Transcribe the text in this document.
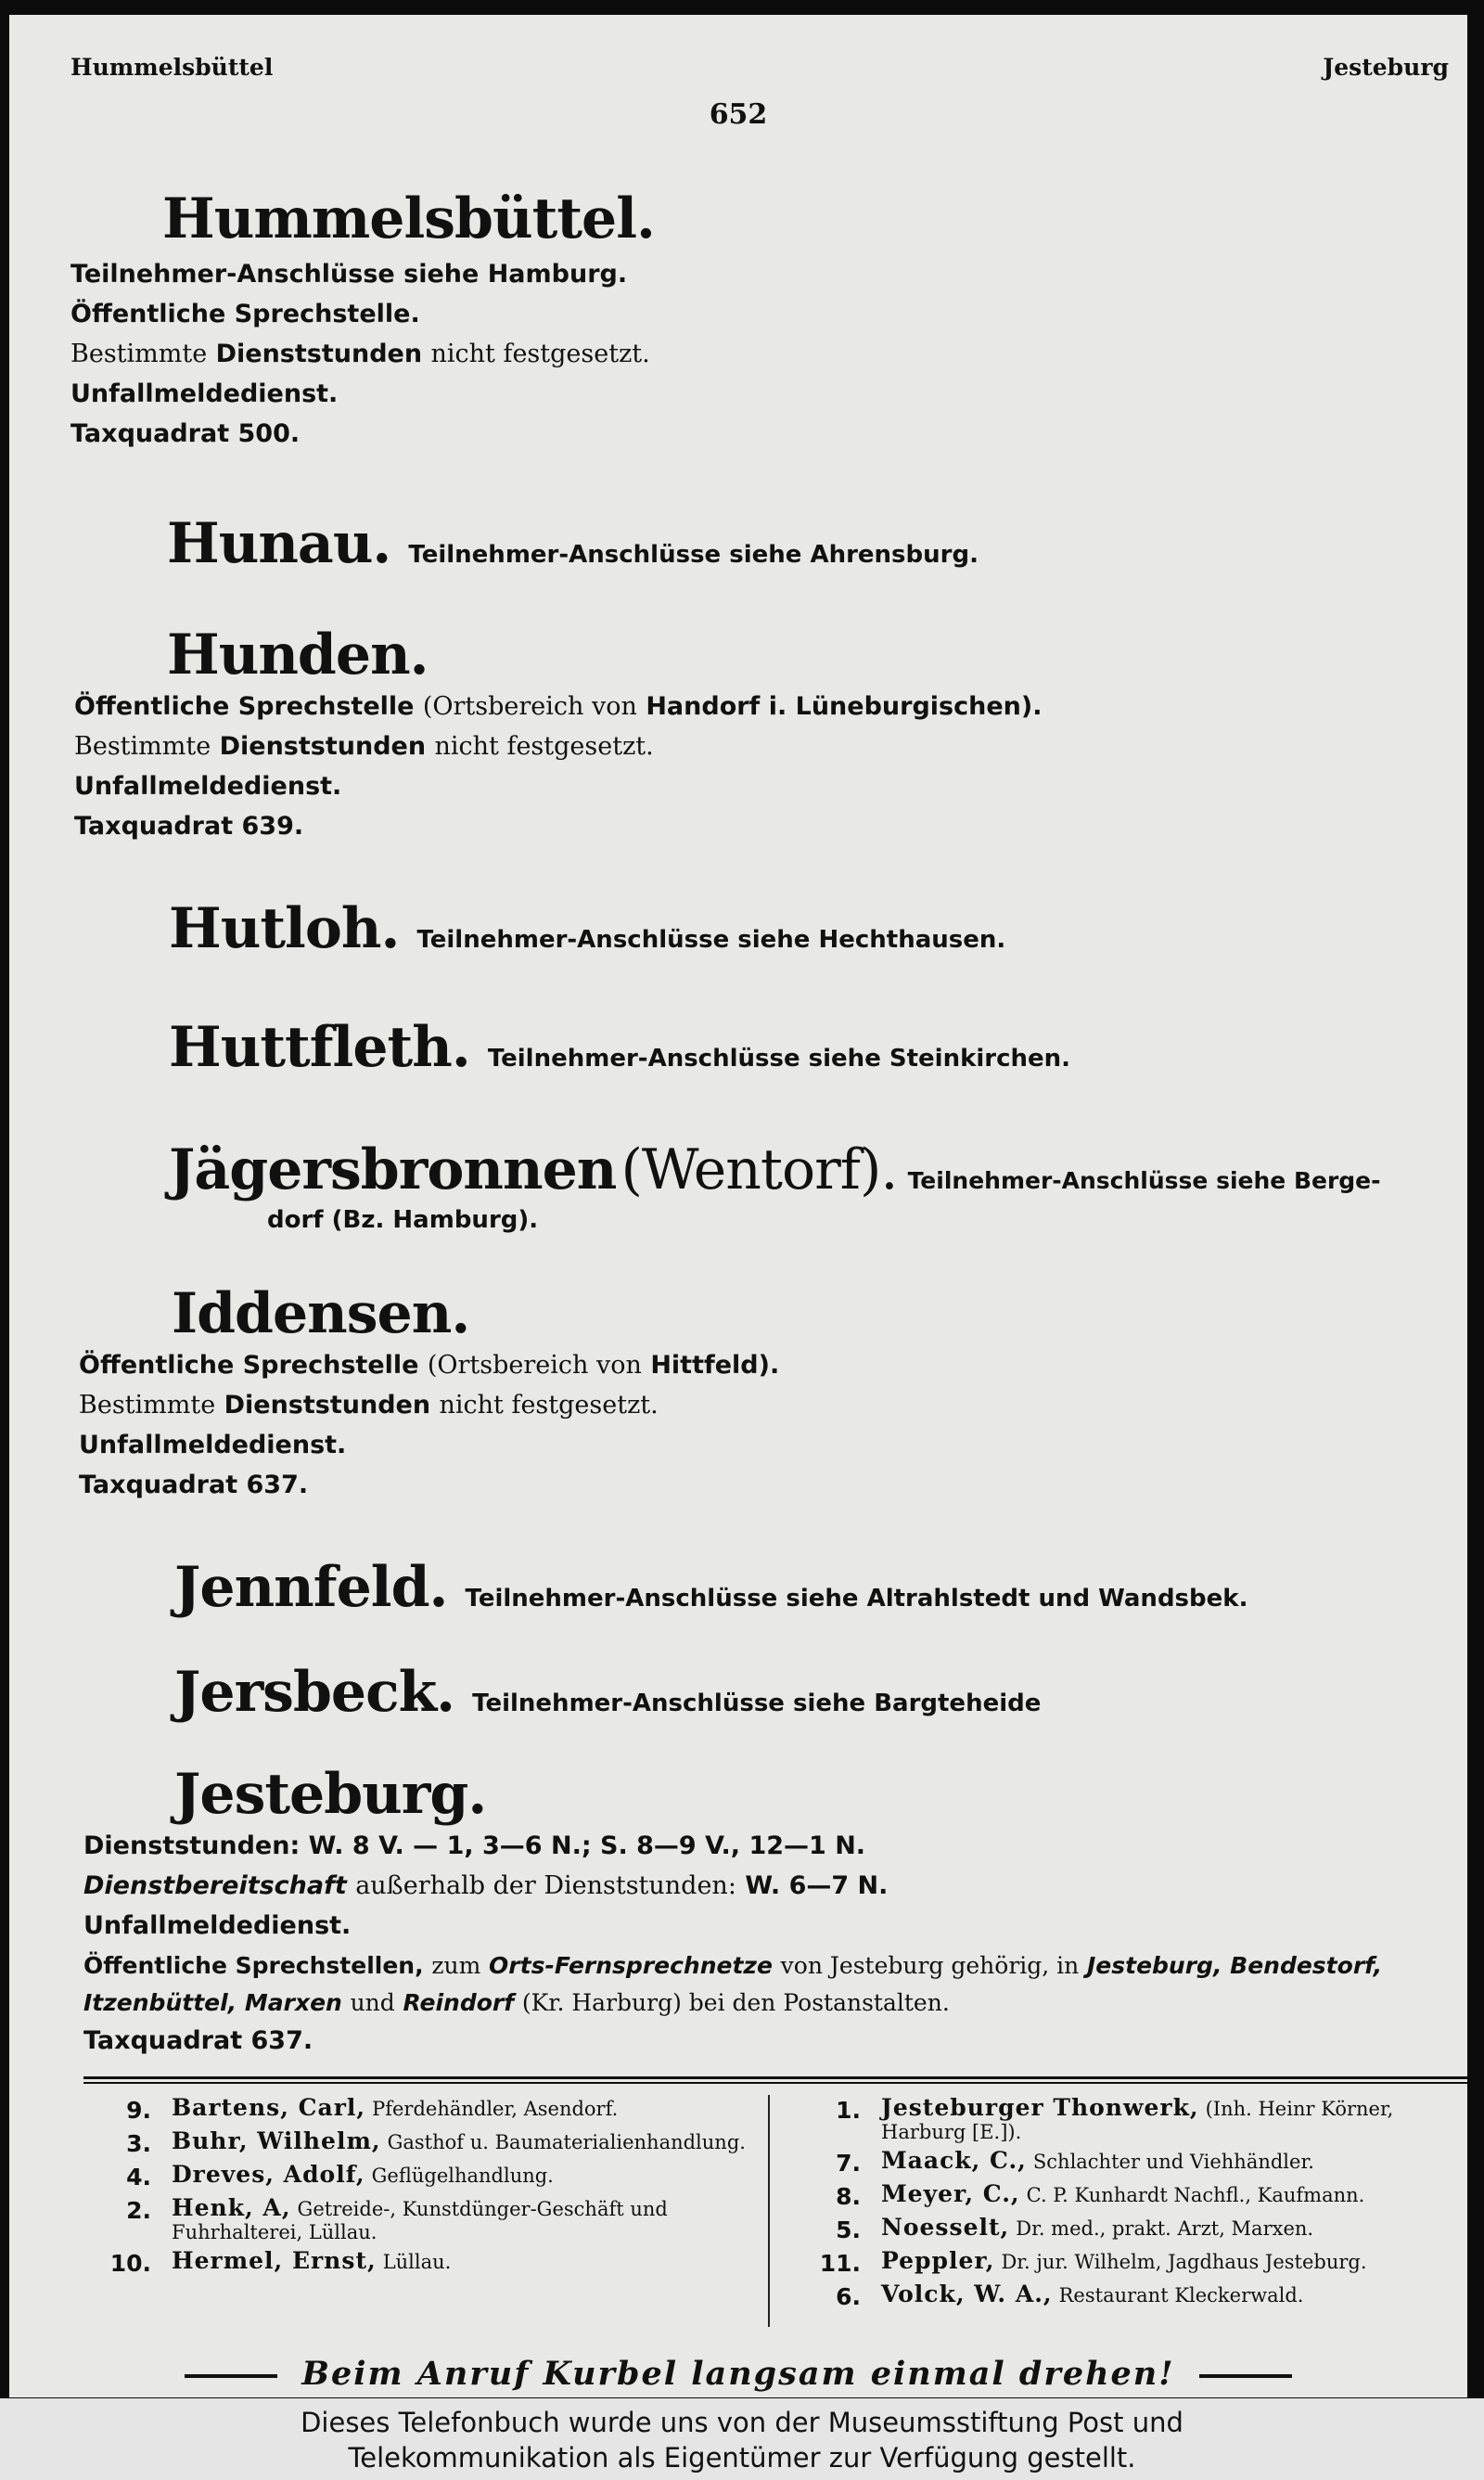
Hummelsbüttel	Jesteburg
652
Hummelsbüttel.
Teilnehmer-Anschlüsse siehe Hamburg.
Öffentliche Sprechstelle.
Bestimmte Dienststunden nicht festgesetzt.
Unfallmeldedienst.
Taxquadrat 500.
Hunau. Teilnehmer-Anschlüsse siehe Ahrensburg.
Hunden.
Öffentliche Sprechstelle (Ortsbereich von Handorf i. Lüneburgischen).
Bestimmte Dienststunden nicht festgesetzt.
Unfallmeldedienst.
Taxquadrat 639.
Hutloh. Teilnehmer-Anschlüsse siehe Hechthausen.
Huttfleth. Teilnehmer-Anschlüsse siehe Steinkirchen.
Jägersbronnen (Wentorf). Teilnehmer-Anschlüsse siehe Berge-
dorf (Bz. Hamburg).
Iddensen.
Öffentliche Sprechstelle (Ortsbereich von Hittfeld).
Bestimmte Dienststunden nicht festgesetzt.
Unfallmeldedienst.
Taxquadrat 637.
Jennfeld. Teilnehmer-Anschlüsse siehe Altrahlstedt und Wandsbek.
Jersbeck. Teilnehmer-Anschlüsse siehe Bargteheide
Jesteburg.
Dienststunden: W. 8 V. — 1, 3—6 N.; S. 8—9 V., 12—1 N.
Dienstbereitschaft außerhalb der Dienststunden: W. 6—7 N.
Unfallmeldedienst.
Öffentliche Sprechstellen, zum Orts-Fernsprechnetze von Jesteburg gehörig, in Jesteburg, Bendestorf,
Itzenbüttel, Marxen und Reindorf (Kr. Harburg) bei den Postanstalten.
Taxquadrat 637.
9. Bartens, Carl, Pferdehändler, Asendorf.
3. Buhr, Wilhelm, Gasthof u. Baumaterialienhandlung.
4. Dreves, Adolf, Geflügelhandlung.
2. Henk, A, Getreide-, Kunstdünger-Geschäft und Fuhrhalterei, Lüllau.
10. Hermel, Ernst, Lüllau.
1. Jesteburger Thonwerk, (Inh. Heinr Körner, Harburg [E.]).
7. Maack, C., Schlachter und Viehhändler.
8. Meyer, C., C. P. Kunhardt Nachfl., Kaufmann.
5. Noesselt, Dr. med., prakt. Arzt, Marxen.
11. Peppler, Dr. jur. Wilhelm, Jagdhaus Jesteburg.
6. Volck, W. A., Restaurant Kleckerwald.
Beim Anruf Kurbel langsam einmal drehen!
Dieses Telefonbuch wurde uns von der Museumsstiftung Post und
Telekommunikation als Eigentümer zur Verfügung gestellt.
